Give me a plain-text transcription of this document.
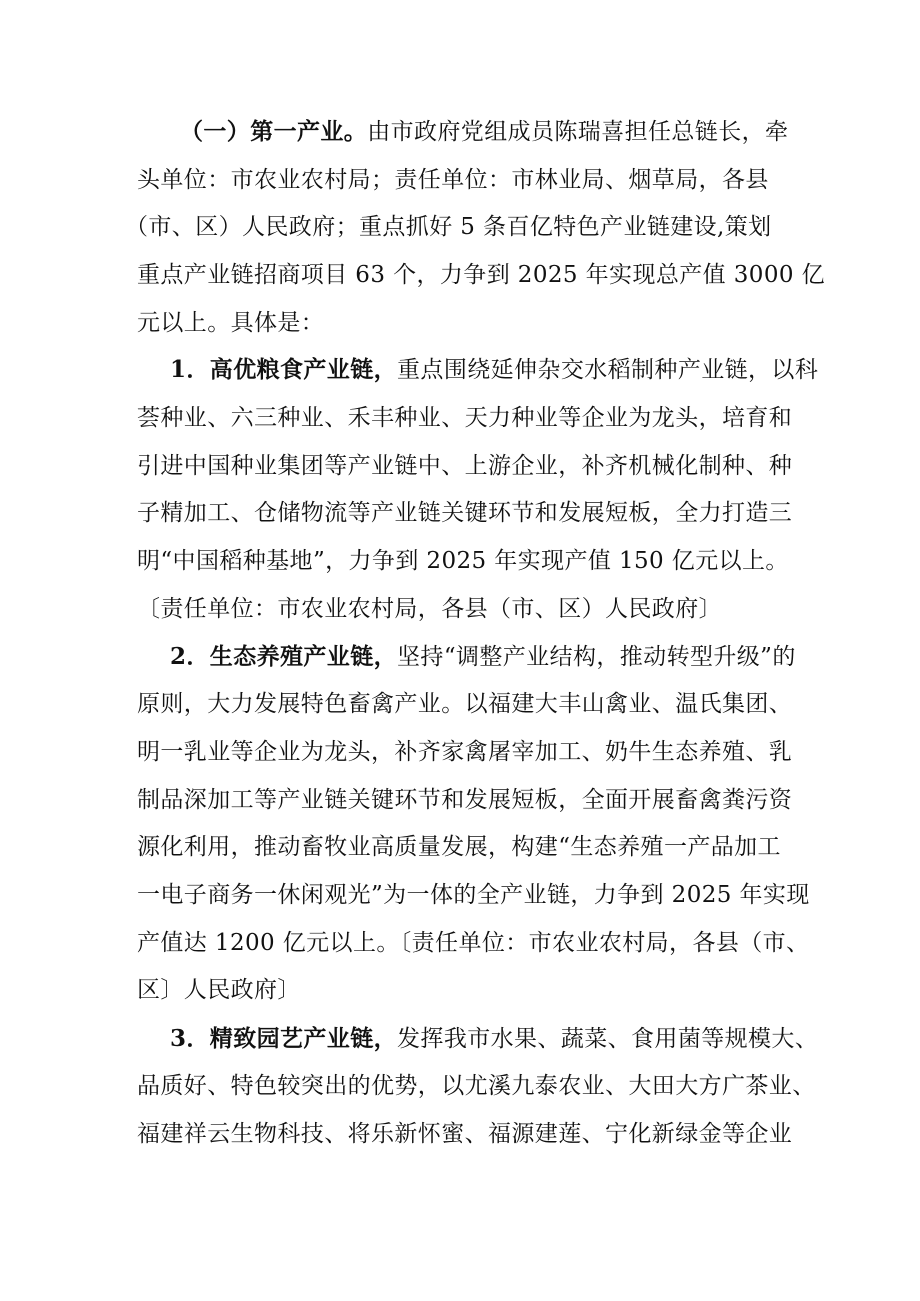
（一）第一产业。由市政府党组成员陈瑞喜担任总链长，牵
头单位：市农业农村局；责任单位：市林业局、烟草局，各县
（市、区）人民政府；重点抓好 5 条百亿特色产业链建设,策划
重点产业链招商项目 63 个，力争到 2025 年实现总产值 3000 亿
元以上。具体是：
1．高优粮食产业链，重点围绕延伸杂交水稻制种产业链，以科
荟种业、六三种业、禾丰种业、天力种业等企业为龙头，培育和
引进中国种业集团等产业链中、上游企业，补齐机械化制种、种
子精加工、仓储物流等产业链关键环节和发展短板，全力打造三
明“中国稻种基地”，力争到 2025 年实现产值 150 亿元以上。
〔责任单位：市农业农村局，各县（市、区）人民政府〕
2．生态养殖产业链，坚持“调整产业结构，推动转型升级”的
原则，大力发展特色畜禽产业。以福建大丰山禽业、温氏集团、
明一乳业等企业为龙头，补齐家禽屠宰加工、奶牛生态养殖、乳
制品深加工等产业链关键环节和发展短板，全面开展畜禽粪污资
源化利用，推动畜牧业高质量发展，构建“生态养殖一产品加工
一电子商务一休闲观光”为一体的全产业链，力争到 2025 年实现
产值达 1200 亿元以上。〔责任单位：市农业农村局，各县（市、
区〕人民政府〕
3．精致园艺产业链，发挥我市水果、蔬菜、食用菌等规模大、
品质好、特色较突出的优势，以尤溪九泰农业、大田大方广茶业、
福建祥云生物科技、将乐新怀蜜、福源建莲、宁化新绿金等企业
